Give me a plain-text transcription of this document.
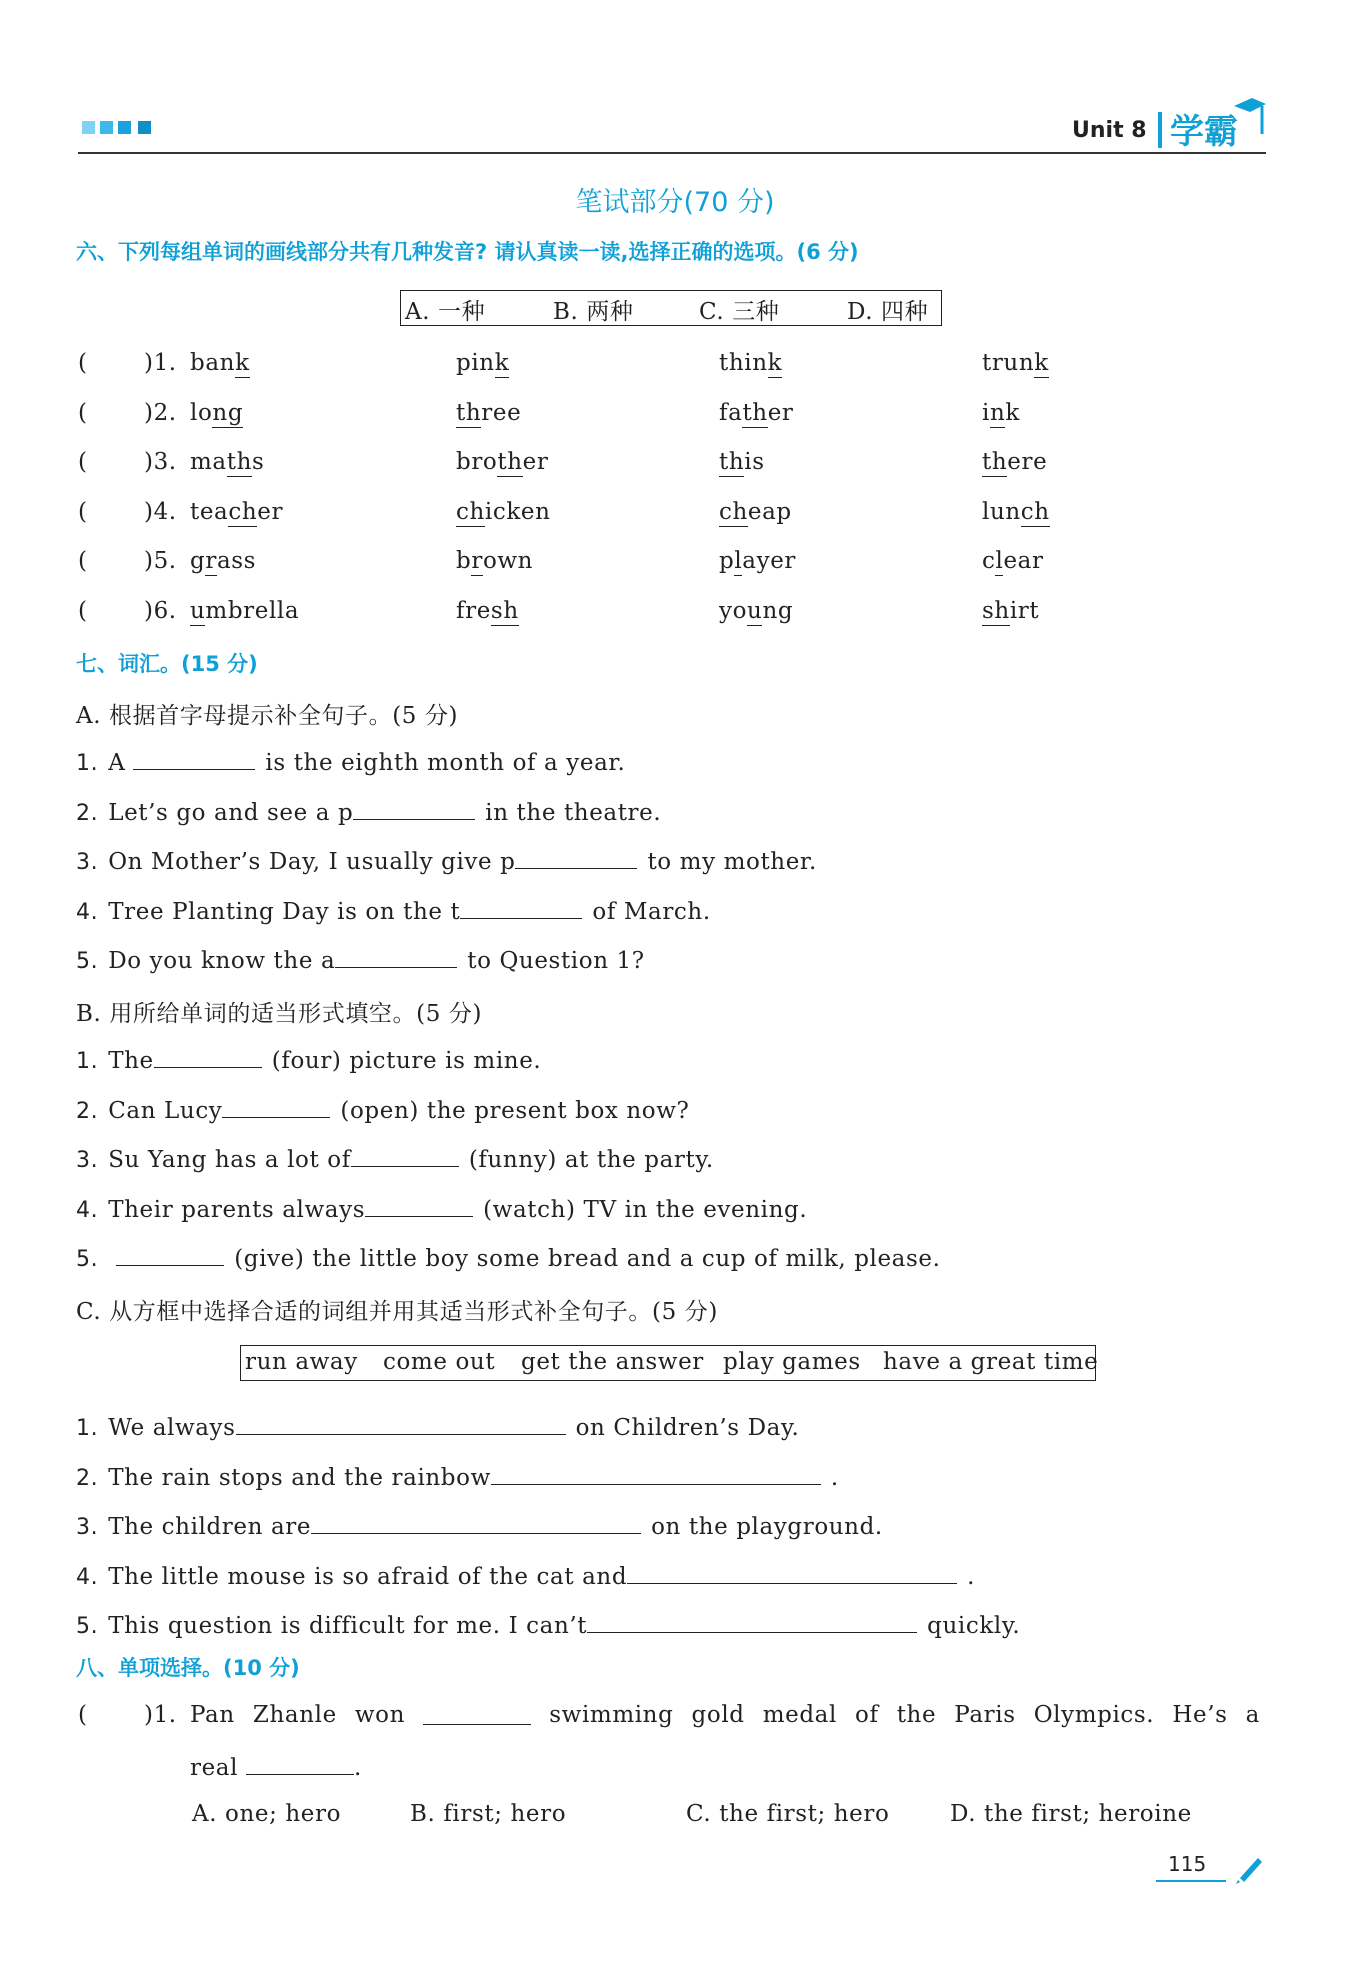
Unit 8 学霸
笔试部分(70 分)
六、下列每组单词的画线部分共有几种发音? 请认真读一读,选择正确的选项。(6 分)
A. 一种	B. 两种	C. 三种	D. 四种
( )1. bank	pink	think	trunk
( )2. long	three	father	ink
( )3. maths	brother	this	there
( )4. teacher	chicken	cheap	lunch
( )5. grass	brown	player	clear
( )6. umbrella	fresh	young	shirt
七、词汇。(15 分)
A. 根据首字母提示补全句子。(5 分)
1. A	is the eighth month of a year.
2. Let’s go and see a p	in the theatre.
3. On Mother’s Day, I usually give p	to my mother.
4. Tree Planting Day is on the t	of March.
5. Do you know the a	to Question 1?
B. 用所给单词的适当形式填空。(5 分)
1. The	(four) picture is mine.
2. Can Lucy	(open) the present box now?
3. Su Yang has a lot of	(funny) at the party.
4. Their parents always	(watch) TV in the evening.
5.	(give) the little boy some bread and a cup of milk, please.
C. 从方框中选择合适的词组并用其适当形式补全句子。(5 分)
run away come out get the answer play games have a great time
1. We always	on Children’s Day.
2. The rain stops and the rainbow	.
3. The children are	on the playground.
4. The little mouse is so afraid of the cat and	.
5. This question is difficult for me. I can’t	quickly.
八、单项选择。(10 分)
( )1. Pan Zhanle won	swimming gold medal of the Paris Olympics. He’s a
real	.
A. one; hero	B. first; hero	C. the first; hero	D. the first; heroine
115
